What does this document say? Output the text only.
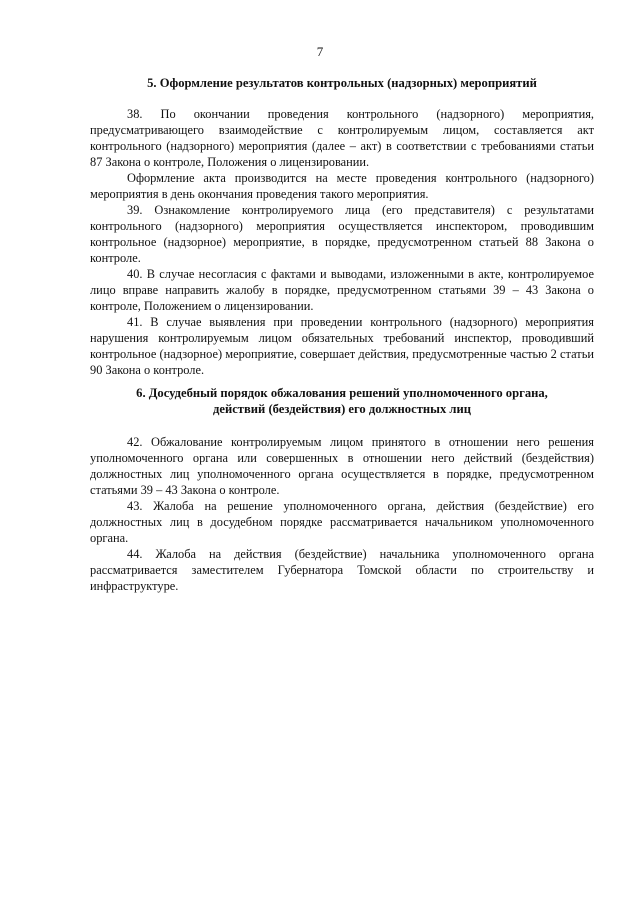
7
5. Оформление результатов контрольных (надзорных) мероприятий

38. По окончании проведения контрольного (надзорного) мероприятия, предусматривающего взаимодействие с контролируемым лицом, составляется акт контрольного (надзорного) мероприятия (далее – акт) в соответствии с требованиями статьи 87 Закона о контроле, Положения о лицензировании.

Оформление акта производится на месте проведения контрольного (надзорного) мероприятия в день окончания проведения такого мероприятия.

39. Ознакомление контролируемого лица (его представителя) с результатами контрольного (надзорного) мероприятия осуществляется инспектором, проводившим контрольное (надзорное) мероприятие, в порядке, предусмотренном статьей 88 Закона о контроле.

40. В случае несогласия с фактами и выводами, изложенными в акте, контролируемое лицо вправе направить жалобу в порядке, предусмотренном статьями 39 – 43 Закона о контроле, Положением о лицензировании.

41. В случае выявления при проведении контрольного (надзорного) мероприятия нарушения контролируемым лицом обязательных требований инспектор, проводивший контрольное (надзорное) мероприятие, совершает действия, предусмотренные частью 2 статьи 90 Закона о контроле.

6. Досудебный порядок обжалования решений уполномоченного органа,
действий (бездействия) его должностных лиц

42. Обжалование контролируемым лицом принятого в отношении него решения уполномоченного органа или совершенных в отношении него действий (бездействия) должностных лиц уполномоченного органа осуществляется в порядке, предусмотренном статьями 39 – 43 Закона о контроле.

43. Жалоба на решение уполномоченного органа, действия (бездействие) его должностных лиц в досудебном порядке рассматривается начальником уполномоченного органа.

44. Жалоба на действия (бездействие) начальника уполномоченного органа рассматривается заместителем Губернатора Томской области по строительству и инфраструктуре.
